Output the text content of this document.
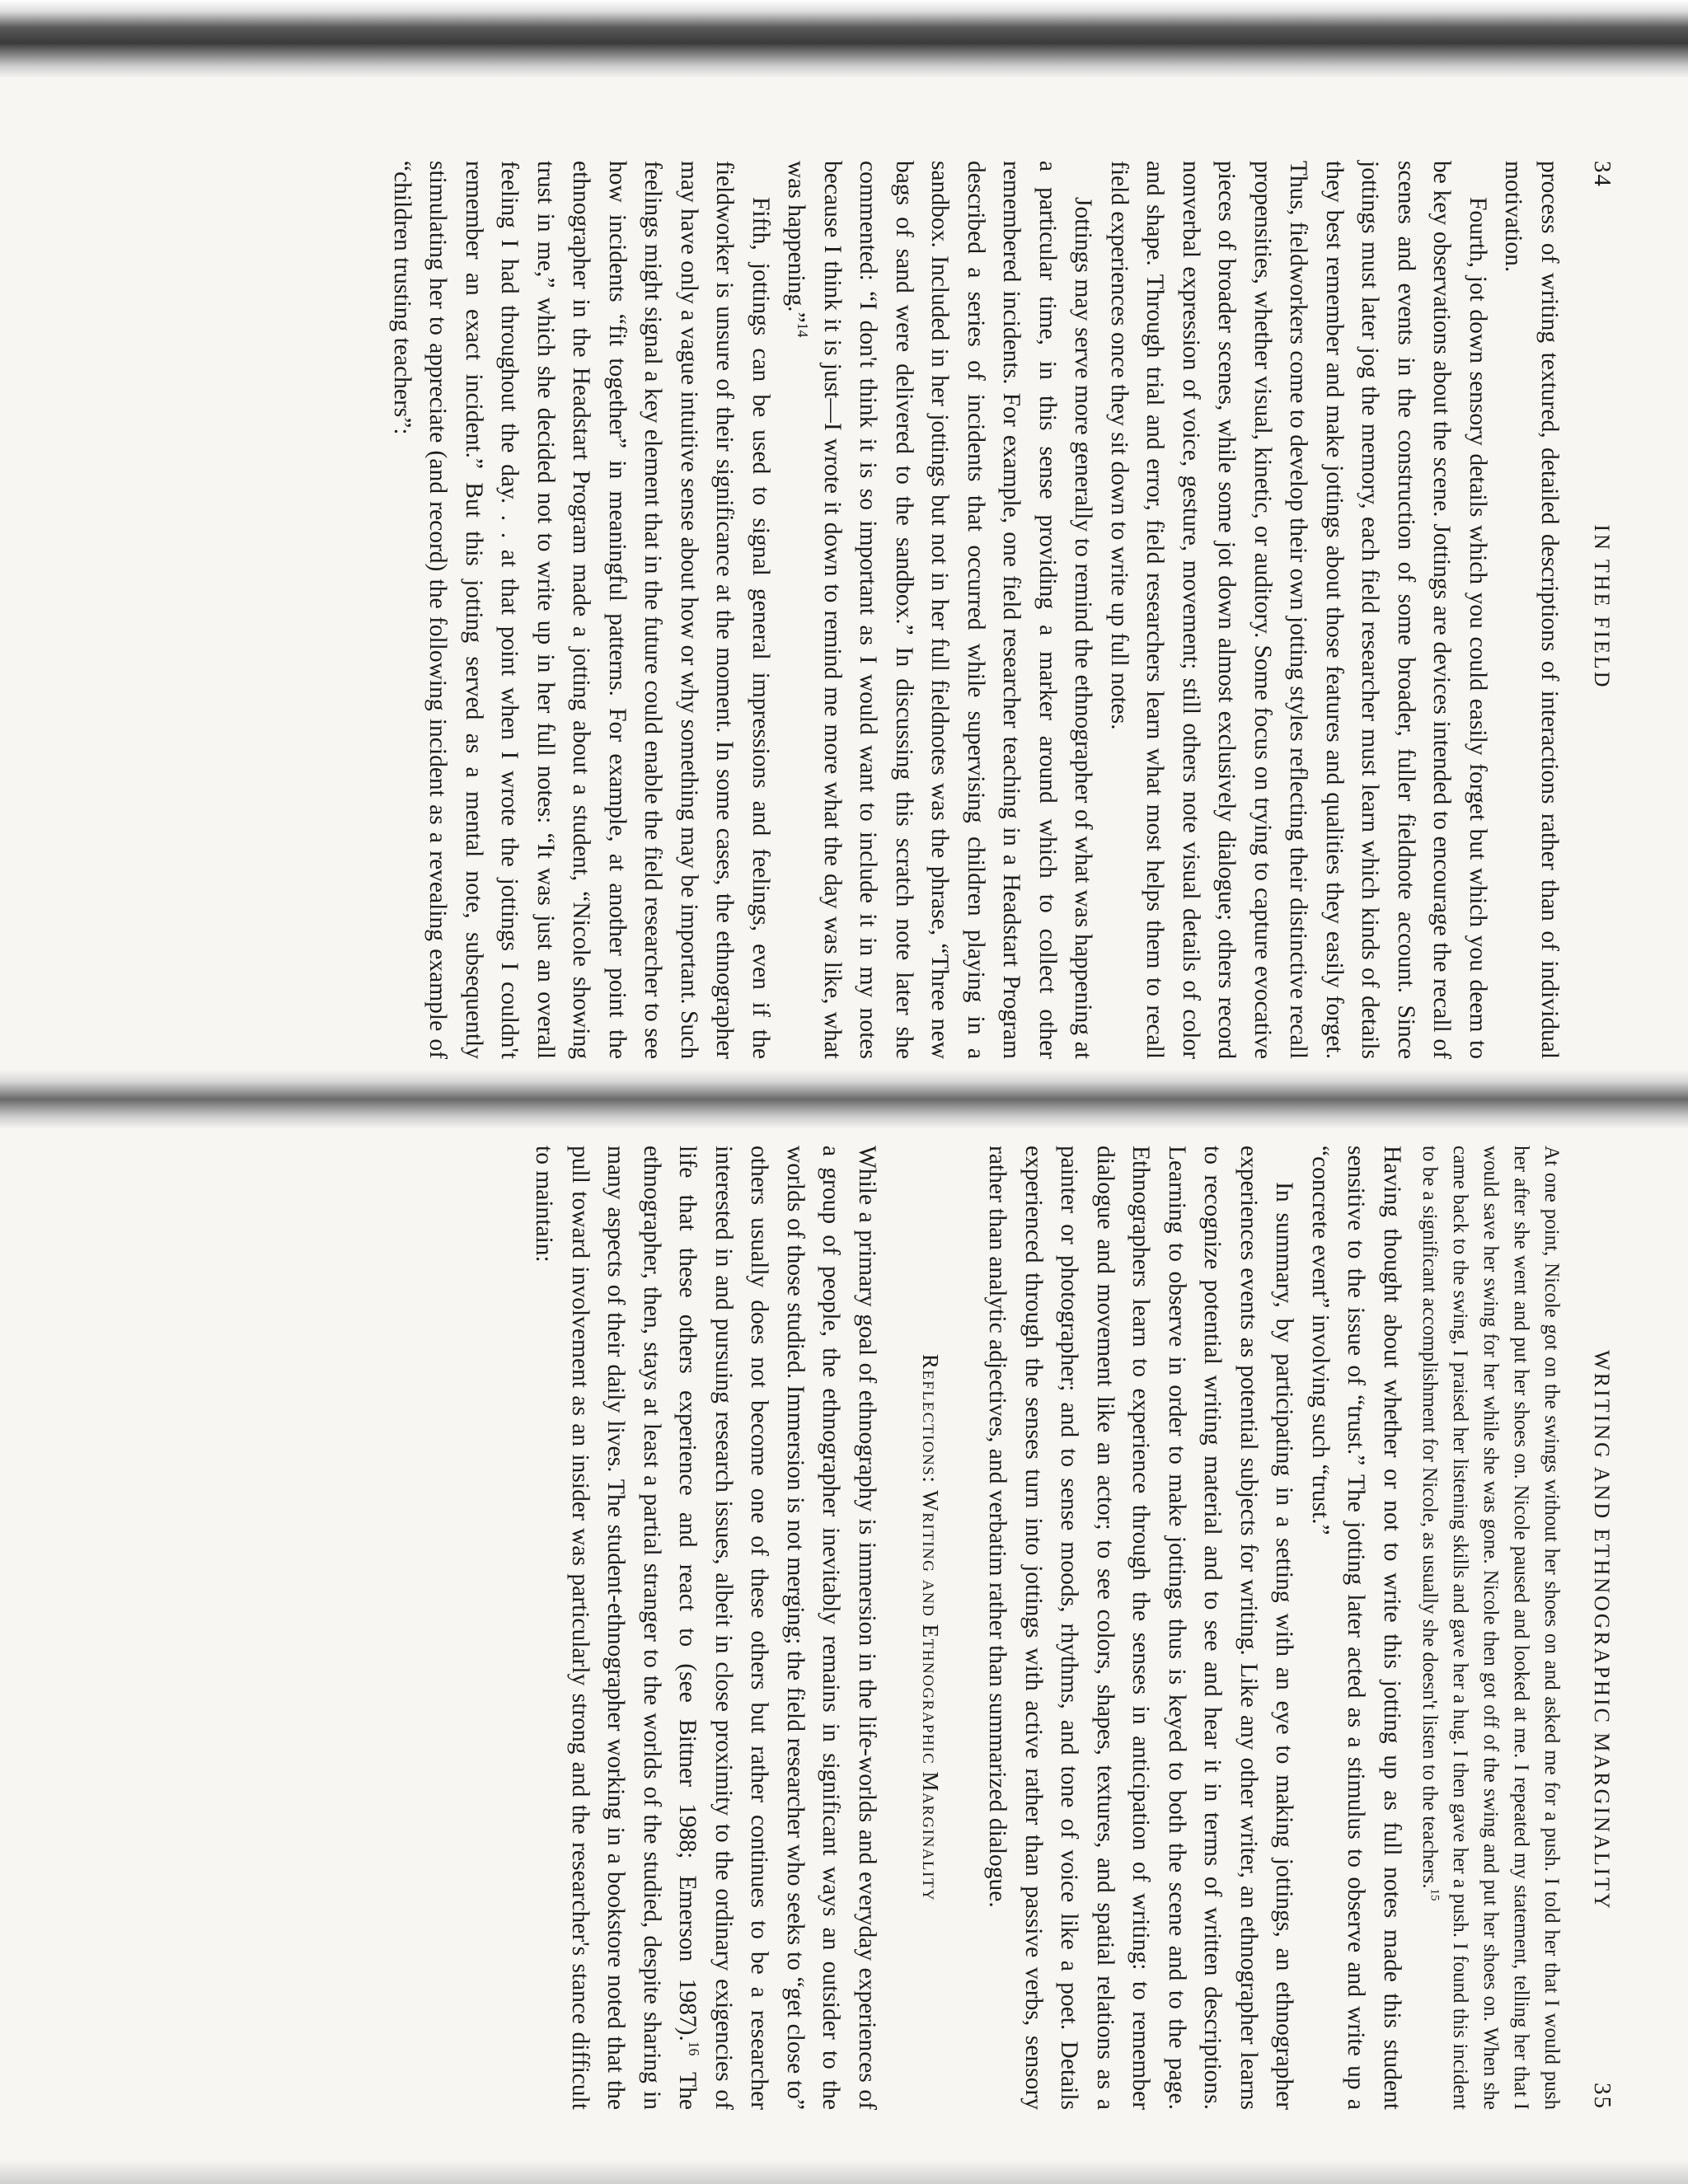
34
IN THE FIELD

process of writing textured, detailed descriptions of interactions rather than of individual motivation.

Fourth, jot down sensory details which you could easily forget but which you deem to be key observations about the scene. Jottings are devices intended to encourage the recall of scenes and events in the construction of some broader, fuller fieldnote account. Since jottings must later jog the memory, each field researcher must learn which kinds of details they best remember and make jottings about those features and qualities they easily forget. Thus, fieldworkers come to develop their own jotting styles reflecting their distinctive recall propensities, whether visual, kinetic, or auditory. Some focus on trying to capture evocative pieces of broader scenes, while some jot down almost exclusively dialogue; others record nonverbal expression of voice, gesture, movement; still others note visual details of color and shape. Through trial and error, field researchers learn what most helps them to recall field experiences once they sit down to write up full notes.

Jottings may serve more generally to remind the ethnographer of what was happening at a particular time, in this sense providing a marker around which to collect other remembered incidents. For example, one field researcher teaching in a Headstart Program described a series of incidents that occurred while supervising children playing in a sandbox. Included in her jottings but not in her full fieldnotes was the phrase, “Three new bags of sand were delivered to the sandbox.” In discussing this scratch note later she commented: “I don't think it is so important as I would want to include it in my notes because I think it is just—I wrote it down to remind me more what the day was like, what was happening.”$^{14}$

Fifth, jottings can be used to signal general impressions and feelings, even if the fieldworker is unsure of their significance at the moment. In some cases, the ethnographer may have only a vague intuitive sense about how or why something may be important. Such feelings might signal a key element that in the future could enable the field researcher to see how incidents “fit together” in meaningful patterns. For example, at another point the ethnographer in the Headstart Program made a jotting about a student, “Nicole showing trust in me,” which she decided not to write up in her full notes: “It was just an overall feeling I had throughout the day. . . at that point when I wrote the jottings I couldn't remember an exact incident.” But this jotting served as a mental note, subsequently stimulating her to appreciate (and record) the following incident as a revealing example of “children trusting teachers”:

WRITING AND ETHNOGRAPHIC MARGINALITY
35

At one point, Nicole got on the swings without her shoes on and asked me for a push. I told her that I would push her after she went and put her shoes on. Nicole paused and looked at me. I repeated my statement, telling her that I would save her swing for her while she was gone. Nicole then got off of the swing and put her shoes on. When she came back to the swing, I praised her listening skills and gave her a hug. I then gave her a push. I found this incident to be a significant accomplishment for Nicole, as usually she doesn't listen to the teachers.$^{15}$

Having thought about whether or not to write this jotting up as full notes made this student sensitive to the issue of “trust.” The jotting later acted as a stimulus to observe and write up a “concrete event” involving such “trust.”

In summary, by participating in a setting with an eye to making jottings, an ethnographer experiences events as potential subjects for writing. Like any other writer, an ethnographer learns to recognize potential writing material and to see and hear it in terms of written descriptions. Learning to observe in order to make jottings thus is keyed to both the scene and to the page. Ethnographers learn to experience through the senses in anticipation of writing: to remember dialogue and movement like an actor; to see colors, shapes, textures, and spatial relations as a painter or photographer; and to sense moods, rhythms, and tone of voice like a poet. Details experienced through the senses turn into jottings with active rather than passive verbs, sensory rather than analytic adjectives, and verbatim rather than summarized dialogue.

Reflections: Writing and Ethnographic Marginality

While a primary goal of ethnography is immersion in the life-worlds and everyday experiences of a group of people, the ethnographer inevitably remains in significant ways an outsider to the worlds of those studied. Immersion is not merging; the field researcher who seeks to “get close to” others usually does not become one of these others but rather continues to be a researcher interested in and pursuing research issues, albeit in close proximity to the ordinary exigencies of life that these others experience and react to (see Bittner 1988; Emerson 1987).$^{16}$ The ethnographer, then, stays at least a partial stranger to the worlds of the studied, despite sharing in many aspects of their daily lives. The student-ethnographer working in a bookstore noted that the pull toward involvement as an insider was particularly strong and the researcher's stance difficult to maintain:
